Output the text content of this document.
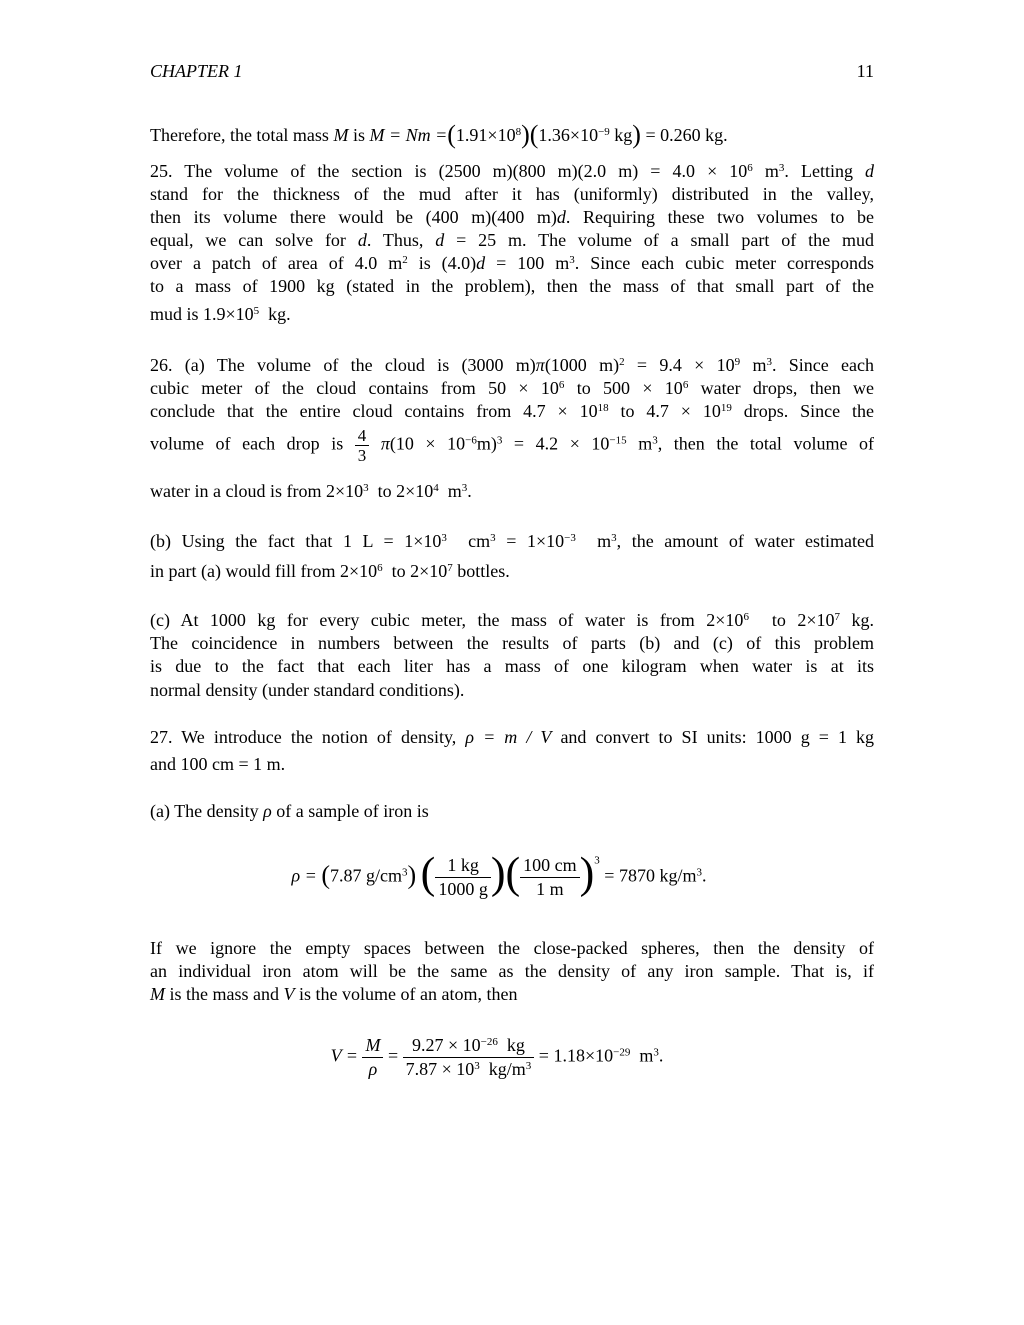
CHAPTER 1	11
Therefore, the total mass M is $M = Nm =(1.91\times 10^8)(1.36\times 10^{-9}$ kg) = 0.260 kg.

25. The volume of the section is (2500 m)(800 m)(2.0 $m) = 4.0 \times 10^6$ $m^3$. Letting d

stand for the thickness of the mud after it has (uniformly) distributed in the valley,

then its volume there would be (400 m)(400 m)d. Requiring these two volumes to be

equal, we can solve for d. Thus, d = 25 m. The volume of a small part of the mud

over a patch of area of 4.0 $m^2$ is (4.0)d = 100 $m^3$. Since each cubic meter corresponds

to a mass of 1900 kg (stated in the problem), then the mass of that small part of the

mud is $1.9\times 10^5$ kg.

26. (a) The volume of the cloud is (3000 m)π(1000 $m)^2 = 9.4 \times 10^9$ $m^3$. Since each

cubic meter of the cloud contains from $50 \times 10^6$ to $500 \times 10^6$ water drops, then we

conclude that the entire cloud contains from $4.7 \times 10^{18}$ to $4.7 \times 10^{19}$ drops. Since the

volume of each drop is $\frac{4}{3} \pi(10 \times 10^{-6}m)^3 = 4.2 \times 10^{-15}$ $m^3$, then the total volume of
water in a cloud is from $2\times 10^3$ to $2\times 10^4$ $m^3$.
(b) Using the fact that 1 $L = 1\times 10^3$ $cm^3 = 1\times 10^{-3}$ $m^3$, the amount of water estimated
in part (a) would fill from $2\times 10^6$ to $2\times 10^7$ bottles.

(c) At 1000 kg for every cubic meter, the mass of water is from $2\times 10^6$ to $2\times 10^7$ kg.

The coincidence in numbers between the results of parts (b) and (c) of this problem

is due to the fact that each liter has a mass of one kilogram when water is at its

normal density (under standard conditions).
27. We introduce the notion of density, ρ = m / V and convert to SI units: 1000 g = 1 kg
and 100 cm = 1 m.
(a) The density ρ of a sample of iron is
ρ = (7.87 $g/cm^3$) ( $\frac{1 kg}{1000 g}$ )( $\frac{100 cm}{1 m} )^3 = 7870$ $kg/m^3$.

If we ignore the empty spaces between the close-packed spheres, then the density of

an individual iron atom will be the same as the density of any iron sample. That is, if

M is the mass and V is the volume of an atom, then
$V = \frac{M}{\rho} = \frac{9.27 \times 10^{-26} kg}{7.87 \times 10^3 kg/m^3} = 1.18\times 10^{-29}$ $m^3$.
